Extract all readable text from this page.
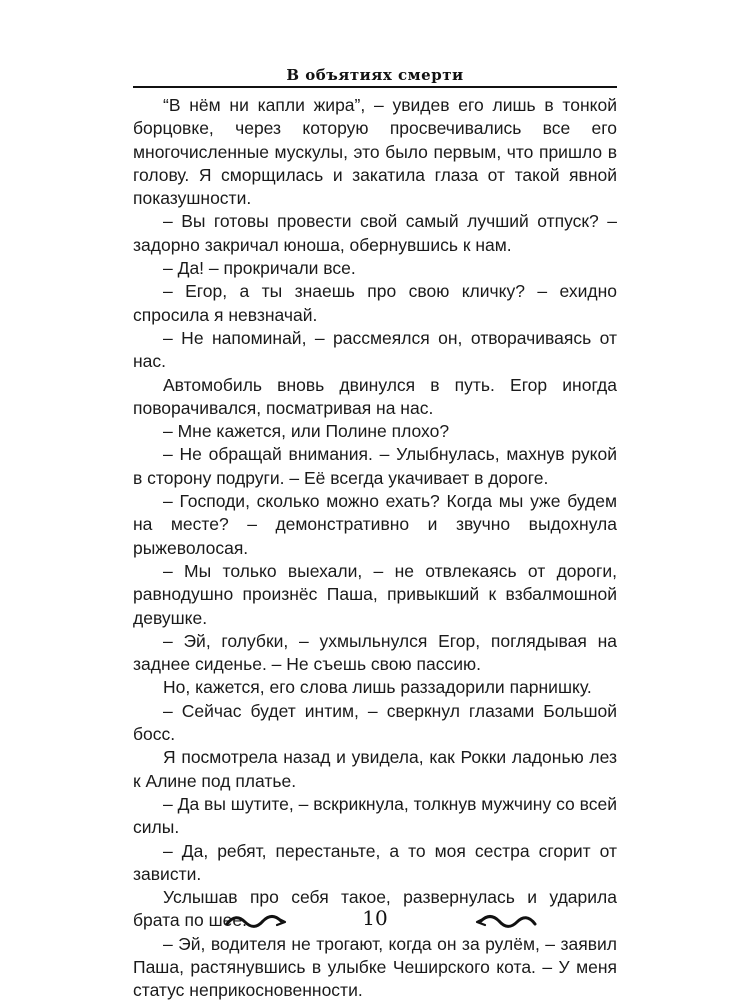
В объятиях смерти

“В нём ни капли жира”, – увидев его лишь в тонкой борцовке, через которую просвечивались все его многочисленные мускулы, это было первым, что пришло в голову. Я сморщилась и закатила глаза от такой явной показушности.

– Вы готовы провести свой самый лучший отпуск? – задорно закричал юноша, обернувшись к нам.

– Да! – прокричали все.

– Егор, а ты знаешь про свою кличку? – ехидно спросила я невзначай.

– Не напоминай, – рассмеялся он, отворачиваясь от нас.

Автомобиль вновь двинулся в путь. Егор иногда поворачивался, посматривая на нас.

– Мне кажется, или Полине плохо?

– Не обращай внимания. – Улыбнулась, махнув рукой в сторону подруги. – Её всегда укачивает в дороге.

– Господи, сколько можно ехать? Когда мы уже будем на месте? – демонстративно и звучно выдохнула рыжеволосая.

– Мы только выехали, – не отвлекаясь от дороги, равнодушно произнёс Паша, привыкший к взбалмошной девушке.

– Эй, голубки, – ухмыльнулся Егор, поглядывая на заднее сиденье. – Не съешь свою пассию.

Но, кажется, его слова лишь раззадорили парнишку.

– Сейчас будет интим, – сверкнул глазами Большой босс.

Я посмотрела назад и увидела, как Рокки ладонью лез к Алине под платье.

– Да вы шутите, – вскрикнула, толкнув мужчину со всей силы.

– Да, ребят, перестаньте, а то моя сестра сгорит от зависти.

Услышав про себя такое, развернулась и ударила брата по шее.

– Эй, водителя не трогают, когда он за рулём, – заявил Паша, растянувшись в улыбке Чеширского кота. – У меня статус неприкосновенности.

10
